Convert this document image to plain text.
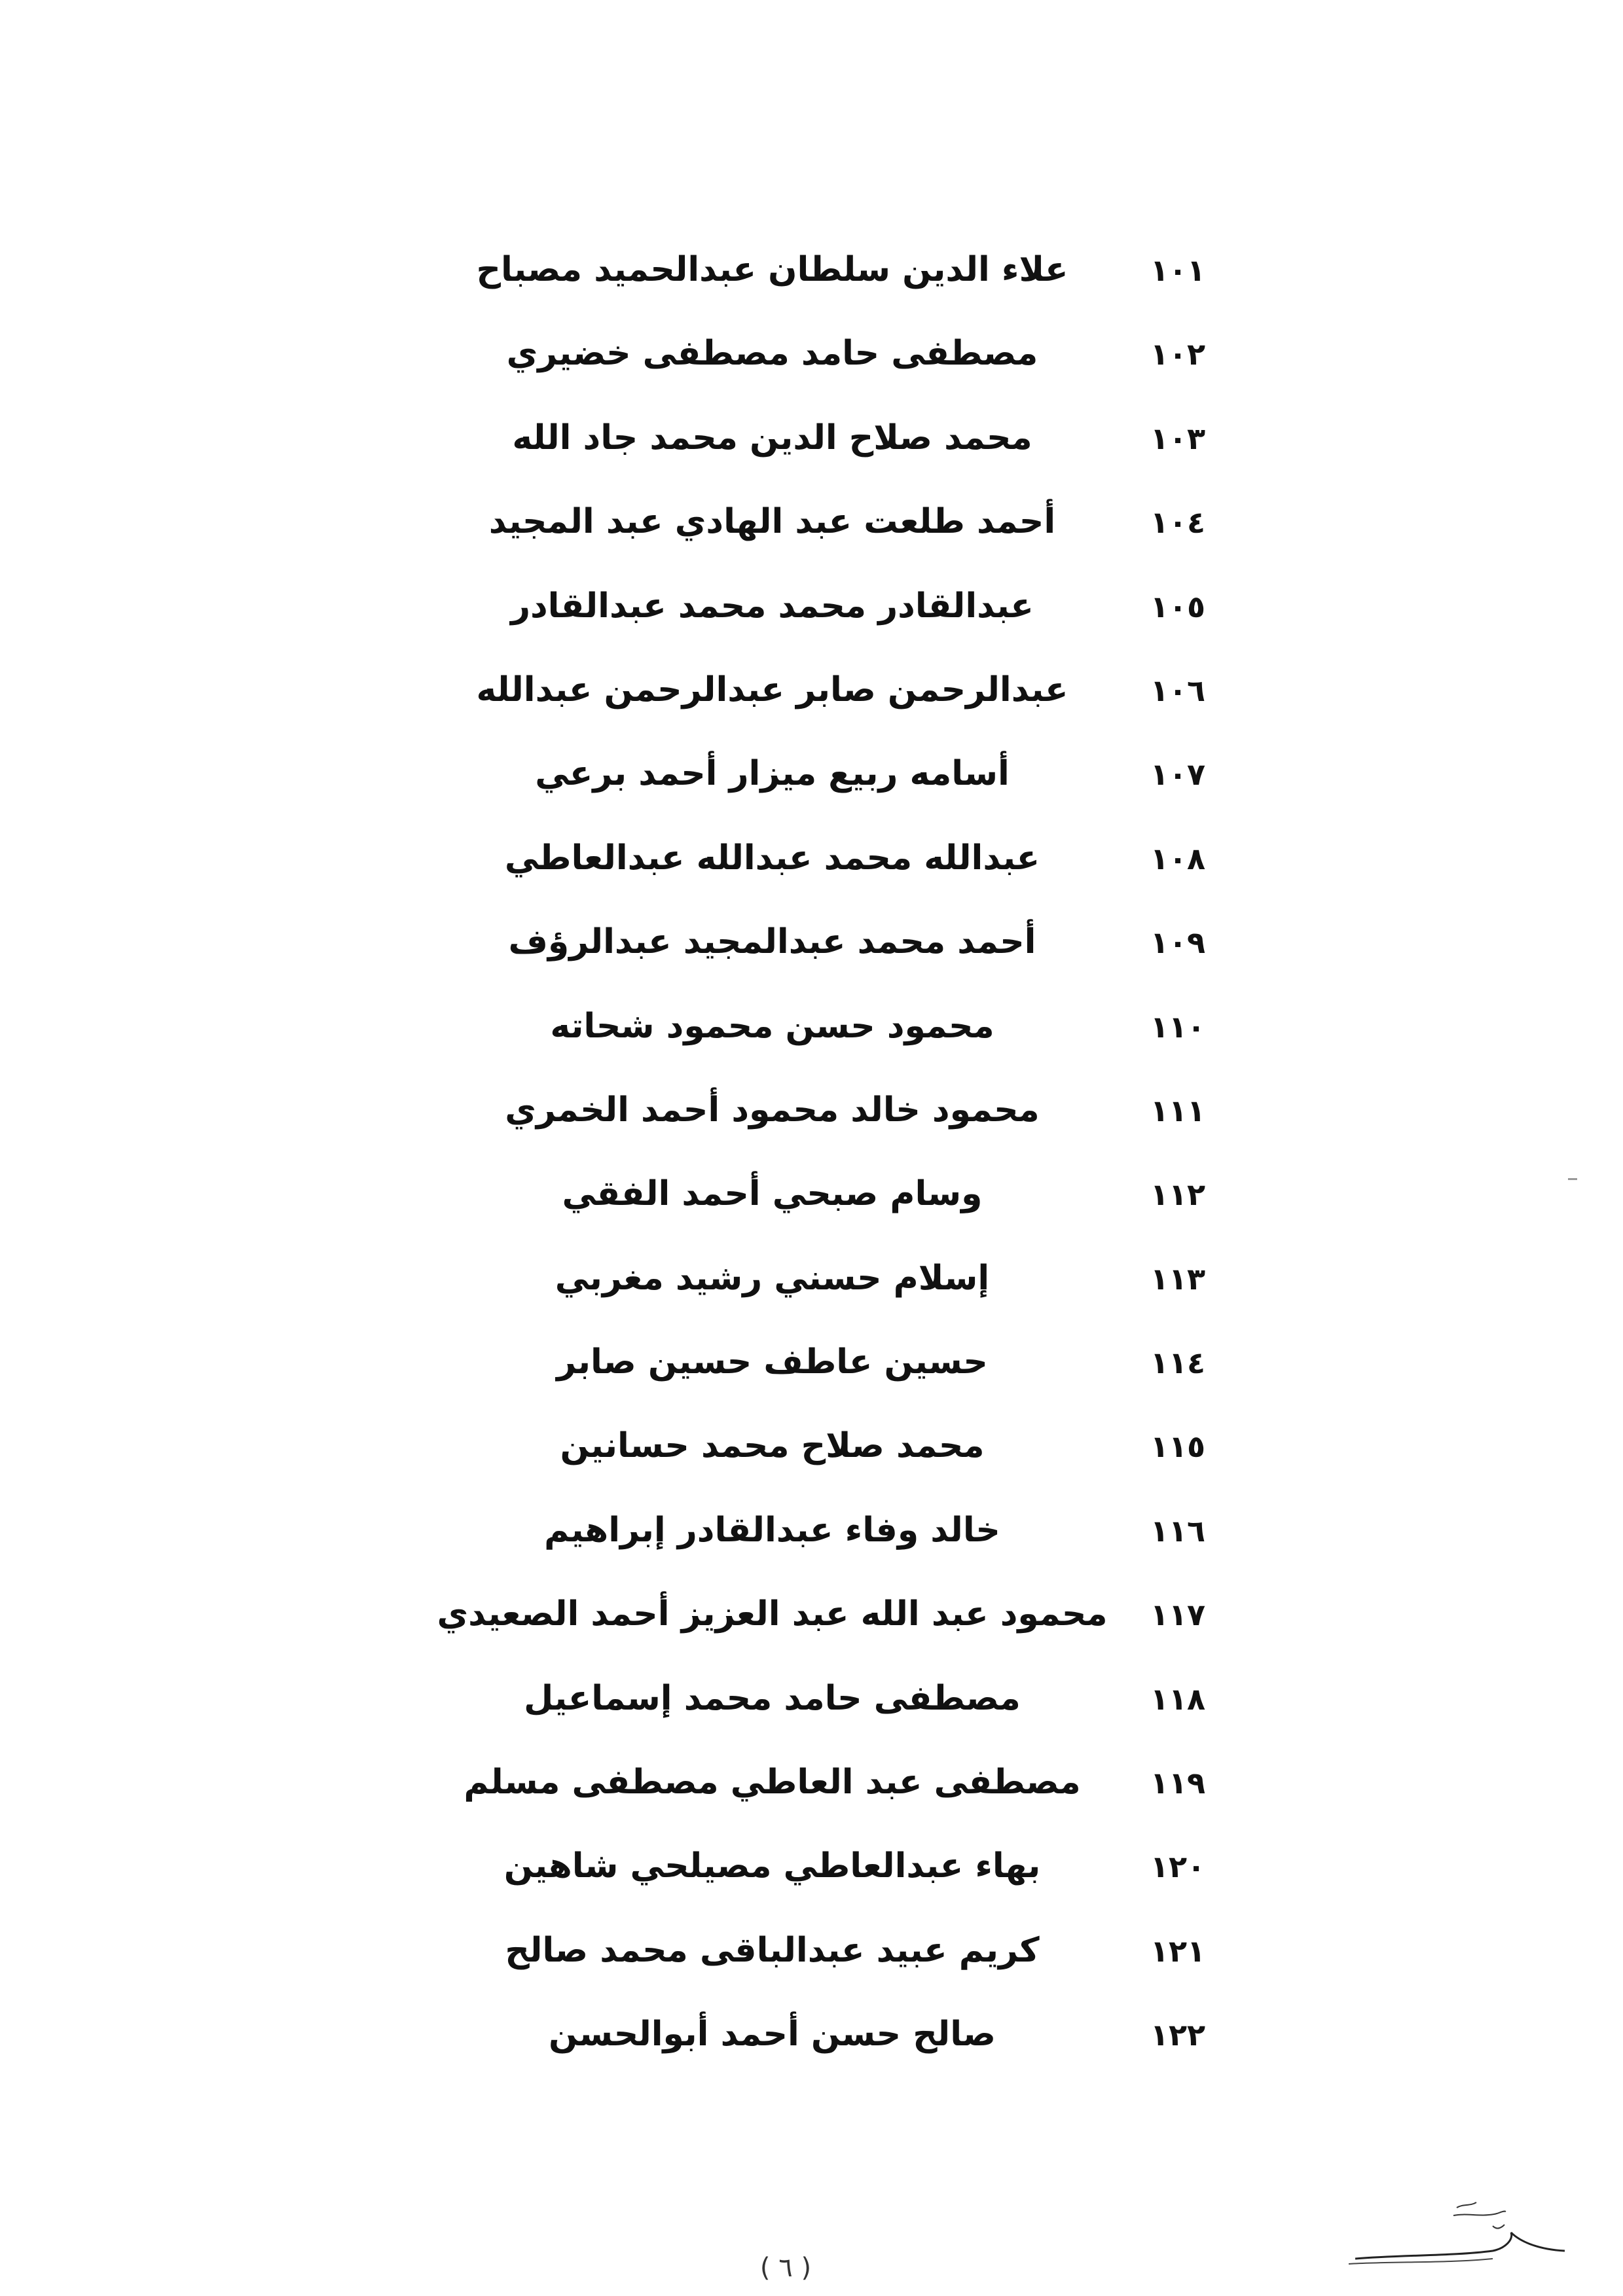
١٠١
علاء الدين سلطان عبدالحميد مصباح
١٠٢
مصطفى حامد مصطفى خضيري
١٠٣
محمد صلاح الدين محمد جاد الله
١٠٤
أحمد طلعت عبد الهادي عبد المجيد
١٠٥
عبدالقادر محمد محمد عبدالقادر
١٠٦
عبدالرحمن صابر عبدالرحمن عبدالله
١٠٧
أسامه ربيع ميزار أحمد برعي
١٠٨
عبدالله محمد عبدالله عبدالعاطي
١٠٩
أحمد محمد عبدالمجيد عبدالرؤف
١١٠
محمود حسن محمود شحاته
١١١
محمود خالد محمود أحمد الخمري
١١٢
وسام صبحي أحمد الفقي
١١٣
إسلام حسني رشيد مغربي
١١٤
حسين عاطف حسين صابر
١١٥
محمد صلاح محمد حسانين
١١٦
خالد وفاء عبدالقادر إبراهيم
١١٧
محمود عبد الله عبد العزيز أحمد الصعيدي
١١٨
مصطفى حامد محمد إسماعيل
١١٩
مصطفى عبد العاطي مصطفى مسلم
١٢٠
بهاء عبدالعاطي مصيلحي شاهين
١٢١
كريم عبيد عبدالباقى محمد صالح
١٢٢
صالح حسن أحمد أبوالحسن
( ٦ )
